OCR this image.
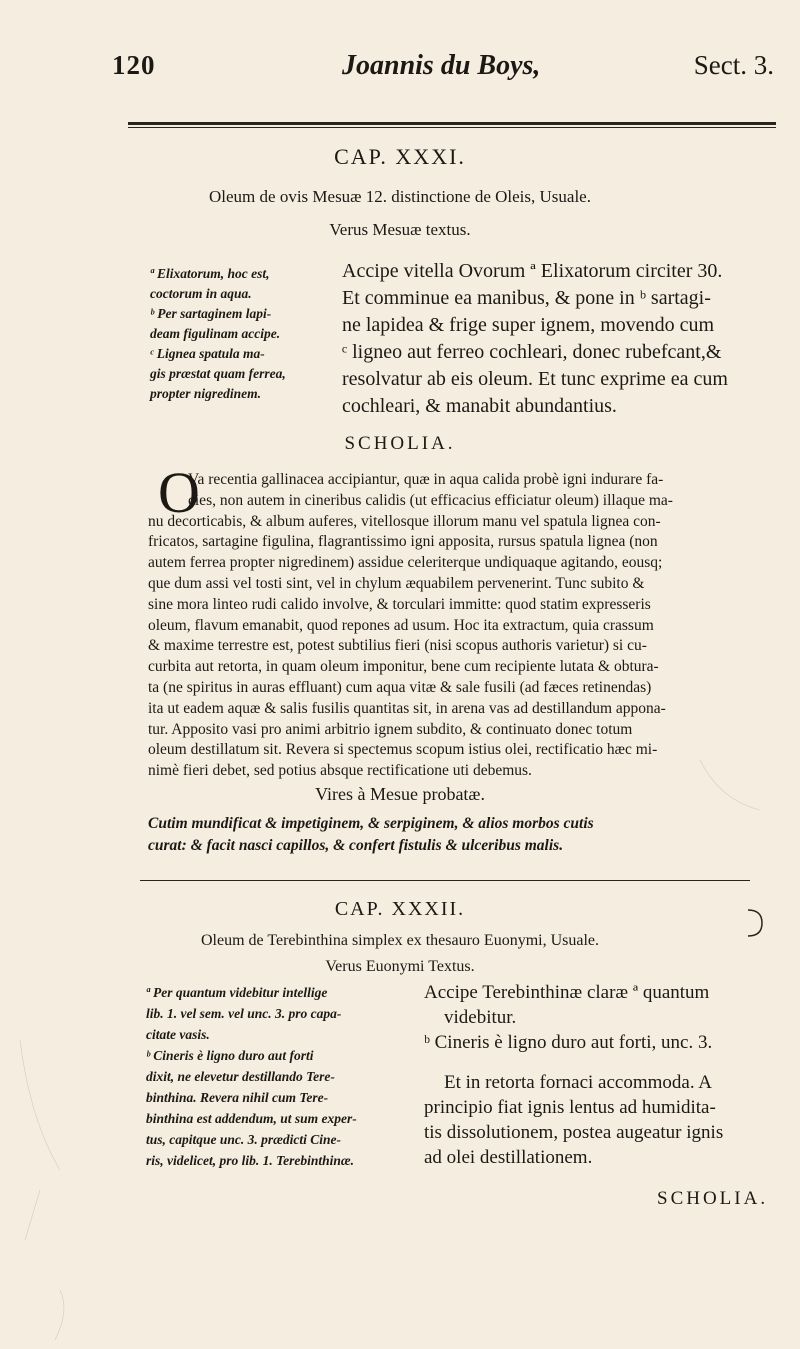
120	Joannis du Boys,	Sect. 3.
CAP. XXXI.
Oleum de ovis Mesuæ 12. distinctione de Oleis, Usuale.
Verus Mesuæ textus.
ª Elixatorum, hoc est,
coctorum in aqua.
ᵇ Per sartaginem lapi-
deam figulinam accipe.
ᶜ Lignea spatula ma-
gis præstat quam ferrea,
propter nigredinem.
Accipe vitella Ovorum ª Elixatorum circiter 30.
Et comminue ea manibus, & pone in ᵇ sartagi-
ne lapidea & frige super ignem, movendo cum
ᶜ ligneo aut ferreo cochleari, donec rubefcant,&
resolvatur ab eis oleum. Et tunc exprime ea cum
cochleari, & manabit abundantius.
SCHOLIA.
O
Va recentia gallinacea accipiantur, quæ in aqua calida probè igni indurare fa-
cies, non autem in cineribus calidis (ut efficacius efficiatur oleum) illaque ma-
nu decorticabis, & album auferes, vitellosque illorum manu vel spatula lignea con-
fricatos, sartagine figulina, flagrantissimo igni apposita, rursus spatula lignea (non
autem ferrea propter nigredinem) assidue celeriterque undiquaque agitando, eousq;
que dum assi vel tosti sint, vel in chylum æquabilem pervenerint. Tunc subito &
sine mora linteo rudi calido involve, & torculari immitte: quod statim expresseris
oleum, flavum emanabit, quod repones ad usum. Hoc ita extractum, quia crassum
& maxime terrestre est, potest subtilius fieri (nisi scopus authoris varietur) si cu-
curbita aut retorta, in quam oleum imponitur, bene cum recipiente lutata & obtura-
ta (ne spiritus in auras effluant) cum aqua vitæ & sale fusili (ad fæces retinendas)
ita ut eadem aquæ & salis fusilis quantitas sit, in arena vas ad destillandum appona-
tur. Apposito vasi pro animi arbitrio ignem subdito, & continuato donec totum
oleum destillatum sit. Revera si spectemus scopum istius olei, rectificatio hæc mi-
nimè fieri debet, sed potius absque rectificatione uti debemus.
Vires à Mesue probatæ.
Cutim mundificat & impetiginem, & serpiginem, & alios morbos cutis
curat: & facit nasci capillos, & confert fistulis & ulceribus malis.
CAP. XXXII.
Oleum de Terebinthina simplex ex thesauro Euonymi, Usuale.
Verus Euonymi Textus.
ª Per quantum videbitur intellige
lib. 1. vel sem. vel unc. 3. pro capa-
citate vasis.
ᵇ Cineris è ligno duro aut forti
dixit, ne elevetur destillando Tere-
binthina. Revera nihil cum Tere-
binthina est addendum, ut sum exper-
tus, capitque unc. 3. prædicti Cine-
ris, videlicet, pro lib. 1. Terebinthinæ.
Accipe Terebinthinæ claræ ª quantum
videbitur.
ᵇ Cineris è ligno duro aut forti, unc. 3.
Et in retorta fornaci accommoda. A
principio fiat ignis lentus ad humidita-
tis dissolutionem, postea augeatur ignis
ad olei destillationem.
SCHOLIA.
